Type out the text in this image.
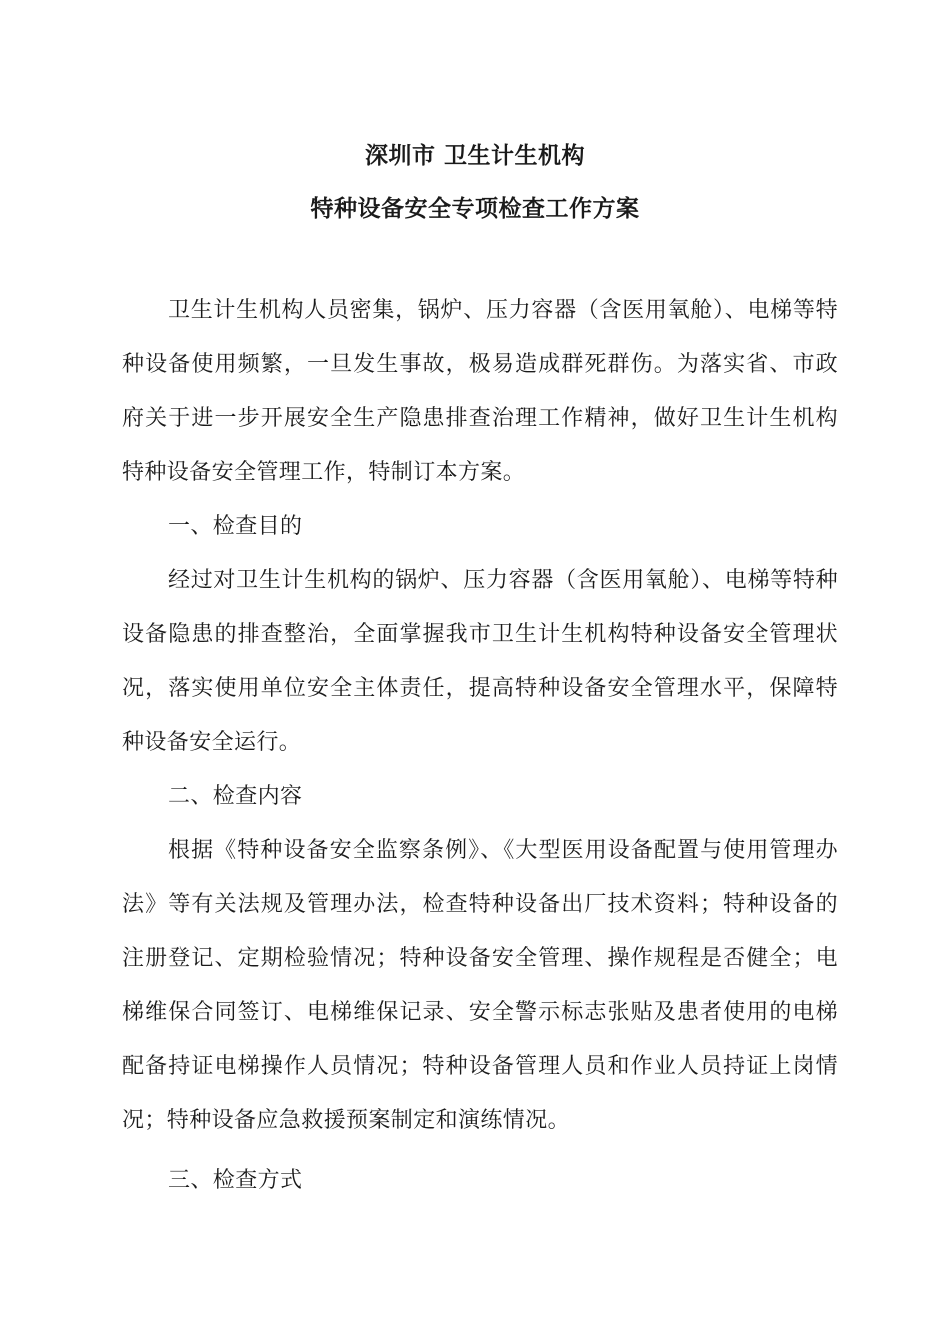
深圳市 卫生计生机构
特种设备安全专项检查工作方案

卫生计生机构人员密集，锅炉、压力容器（含医用氧舱）、电梯等特种设备使用频繁，一旦发生事故，极易造成群死群伤。为落实省、市政府关于进一步开展安全生产隐患排查治理工作精神，做好卫生计生机构特种设备安全管理工作，特制订本方案。

一、检查目的

经过对卫生计生机构的锅炉、压力容器（含医用氧舱）、电梯等特种设备隐患的排查整治，全面掌握我市卫生计生机构特种设备安全管理状况，落实使用单位安全主体责任，提高特种设备安全管理水平，保障特种设备安全运行。

二、检查内容

根据《特种设备安全监察条例》、《大型医用设备配置与使用管理办法》等有关法规及管理办法，检查特种设备出厂技术资料；特种设备的注册登记、定期检验情况；特种设备安全管理、操作规程是否健全；电梯维保合同签订、电梯维保记录、安全警示标志张贴及患者使用的电梯配备持证电梯操作人员情况；特种设备管理人员和作业人员持证上岗情况；特种设备应急救援预案制定和演练情况。

三、检查方式
